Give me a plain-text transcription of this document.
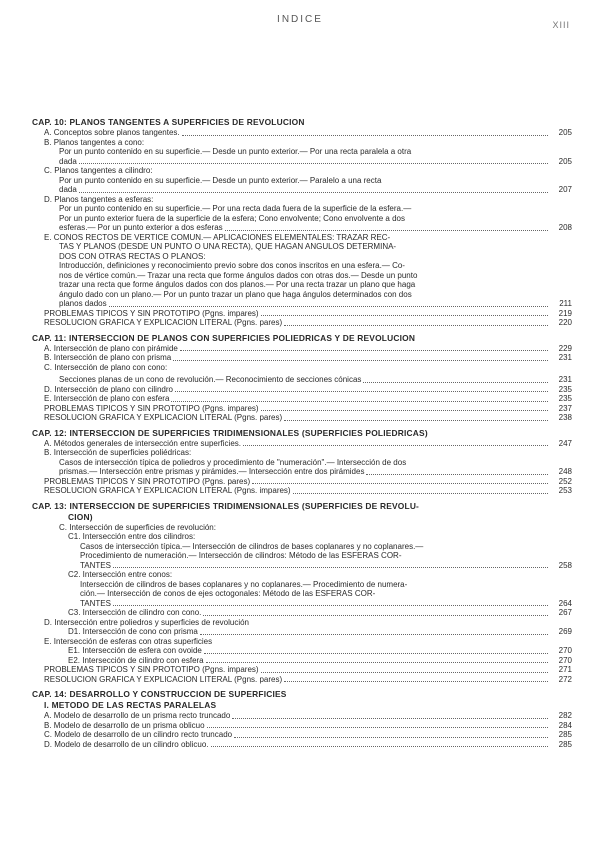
INDICE	XIII
CAP. 10: PLANOS TANGENTES A SUPERFICIES DE REVOLUCION
A. Conceptos sobre planos tangentes.	205
B. Planos tangentes a cono:
Por un punto contenido en su superficie.— Desde un punto exterior.— Por una recta paralela a otra
dada	205
C. Planos tangentes a cilindro:
Por un punto contenido en su superficie.— Desde un punto exterior.— Paralelo a una recta
dada	207
D. Planos tangentes a esferas:
Por un punto contenido en su superficie.— Por una recta dada fuera de la superficie de la esfera.—
Por un punto exterior fuera de la superficie de la esfera; Cono envolvente; Cono envolvente a dos
esferas.— Por un punto exterior a dos esferas	208
E. CONOS RECTOS DE VERTICE COMUN.— APLICACIONES ELEMENTALES: TRAZAR REC-
TAS Y PLANOS (DESDE UN PUNTO O UNA RECTA), QUE HAGAN ANGULOS DETERMINA-
DOS CON OTRAS RECTAS O PLANOS:
Introducción, definiciones y reconocimiento previo sobre dos conos inscritos en una esfera.— Co-
nos de vértice común.— Trazar una recta que forme ángulos dados con otras dos.— Desde un punto
trazar una recta que forme ángulos dados con dos planos.— Por una recta trazar un plano que haga
ángulo dado con un plano.— Por un punto trazar un plano que haga ángulos determinados con dos
planos dados	211
PROBLEMAS TIPICOS Y SIN PROTOTIPO (Pgns. impares)	219
RESOLUCION GRAFICA Y EXPLICACION LITERAL (Pgns. pares)	220
CAP. 11: INTERSECCION DE PLANOS CON SUPERFICIES POLIEDRICAS Y DE REVOLUCION
A. Intersección de plano con pirámide	229
B. Intersección de plano con prisma	231
C. Intersección de plano con cono:
Secciones planas de un cono de revolución.— Reconocimiento de secciones cónicas	231
D. Intersección de plano con cilindro	235
E. Intersección de plano con esfera	235
PROBLEMAS TIPICOS Y SIN PROTOTIPO (Pgns. impares)	237
RESOLUCION GRAFICA Y EXPLICACION LITERAL (Pgns. pares)	238
CAP. 12: INTERSECCION DE SUPERFICIES TRIDIMENSIONALES (SUPERFICIES POLIEDRICAS)
A. Métodos generales de intersección entre superficies.	247
B. Intersección de superficies poliédricas:
Casos de intersección típica de poliedros y procedimiento de "numeración".— Intersección de dos
prismas.— Intersección entre prismas y pirámides.— Intersección entre dos pirámides	248
PROBLEMAS TIPICOS Y SIN PROTOTIPO (Pgns. pares)	252
RESOLUCION GRAFICA Y EXPLICACION LITERAL (Pgns. impares)	253
CAP. 13: INTERSECCION DE SUPERFICIES TRIDIMENSIONALES (SUPERFICIES DE REVOLU-
CION)
C. Intersección de superficies de revolución:
C1. Intersección entre dos cilindros:
Casos de intersección típica.— Intersección de cilindros de bases coplanares y no coplanares.—
Procedimiento de numeración.— Intersección de cilindros: Método de las ESFERAS COR-
TANTES	258
C2. Intersección entre conos:
Intersección de cilindros de bases coplanares y no coplanares.— Procedimiento de numera-
ción.— Intersección de conos de ejes octogonales: Método de las ESFERAS COR-
TANTES	264
C3. Intersección de cilindro con cono.	267
D. Intersección entre poliedros y superficies de revolución
D1. Intersección de cono con prisma	269
E. Intersección de esferas con otras superficies
E1. Intersección de esfera con ovoide	270
E2. Intersección de cilindro con esfera	270
PROBLEMAS TIPICOS Y SIN PROTOTIPO (Pgns. impares)	271
RESOLUCION GRAFICA Y EXPLICACION LITERAL (Pgns. pares)	272
CAP. 14: DESARROLLO Y CONSTRUCCION DE SUPERFICIES
I. METODO DE LAS RECTAS PARALELAS
A. Modelo de desarrollo de un prisma recto truncado	282
B. Modelo de desarrollo de un prisma oblicuo	284
C. Modelo de desarrollo de un cilindro recto truncado	285
D. Modelo de desarrollo de un cilindro oblicuo.	285
